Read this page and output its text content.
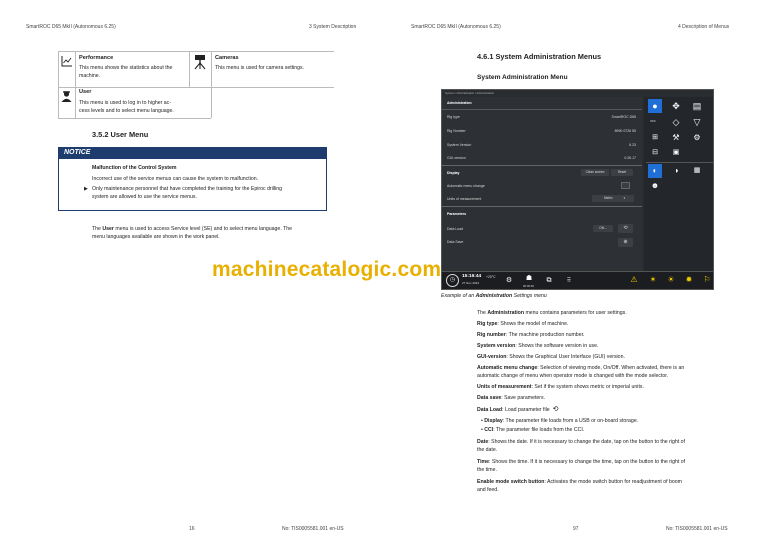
SmartROC D65 MkII (Autonomous 6.25)	3 System Description
Performance
This menu shows the statistics about the
machine.
Cameras
This menu is used for camera settings.
User
This menu is used to log in to higher ac-
cess levels and to select menu language.
3.5.2 User Menu
NOTICE
Malfunction of the Control System
Incorrect use of the service menus can cause the system to malfunction.
▶ Only maintenance personnel that have completed the training for the Epiroc drilling
system are allowed to use the service menus.
The User menu is used to access Service level (SE) and to select menu language. The
menu languages available are shown in the work panel.
16	No: TIS0005581.001 en-US
SmartROC D65 MkII (Autonomous 6.25)	4 Description of Menus
4.6.1 System Administration Menus
System Administration Menu
System / Administration / Administration
Administration
Rig type	SmartROC D65
Rig Number	8990 0726 55
System Version	6.23
GUI-version	0.26.17
Display	Clean screen	Reset
Automatic menu change
Units of measurement	Metric	▾
Parameters
Data Load	ON...	⟲
Data Save	⊕
●	✥	▤
OFF	◇	▽
⊞	⚒	⚙
⊟	▣
◐	◑	▦
☻
◷
15:16:44
27 Nov 2023
+25°C	⚙	☗
00:00:00
⧉	⠿	⚠	✶	☀	✹	⚐
machinecatalogic.com
Example of an Administration Settings menu
The Administration menu contains parameters for user settings.
Rig type: Shows the model of machine.
Rig number: The machine production number.
System version: Shows the software version in use.
GUI-version: Shows the Graphical User Interface (GUI) version.
Automatic menu change: Selection of viewing mode, On/Off. When activated, there is an
automatic change of menu when operator mode is changed with the mode selector.
Units of measurement: Set if the system shows metric or imperial units.
Data save: Save parameters.
Data Load: Load parameter file ⟲
• Display: The parameter file loads from a USB or on-board storage.
• CCI: The parameter file loads from the CCI.
Date: Shows the date. If it is necessary to change the date, tap on the button to the right of
the date.
Time: Shows the time. If it is necessary to change the time, tap on the button to the right of
the time.
Enable mode switch button: Activates the mode switch button for readjustment of boom
and feed.
97	No: TIS0005581.001 en-US
